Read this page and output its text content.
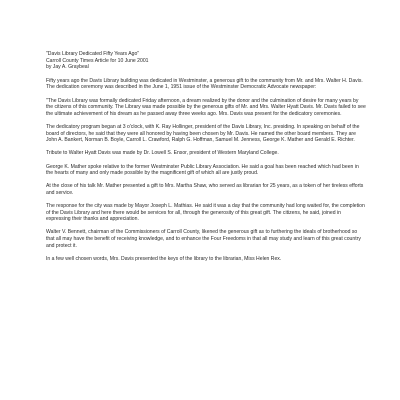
"Davis Library Dedicated Fifty Years Ago"

Carroll County Times Article for 10 June 2001

by Jay A. Graybeal

Fifty years ago the Davis Library building was dedicated in Westminster, a generous gift to the community from Mr. and Mrs. Walter H. Davis. The dedication ceremony was described in the June 1, 1951 issue of the Westminster Democratic Advocate newspaper:

"The Davis Library was formally dedicated Friday afternoon, a dream realized by the donor and the culmination of desire for many years by the citizens of this community. The Library was made possible by the generous gifts of Mr. and Mrs. Walter Hyatt Davis. Mr. Davis failed to see the ultimate achievement of his dream as he passed away three weeks ago. Mrs. Davis was present for the dedicatory ceremonies.

The dedicatory program began at 3 o'clock, with K. Ray Hollinger, president of the Davis Library, Inc. presiding. In speaking on behalf of the board of directors, he said that they were all honored by having been chosen by Mr. Davis. He named the other board members. They are John A. Bankert, Norman B. Boyle, Carroll L. Crawford, Ralph G. Hoffman, Samuel M. Jenness, George K. Mather and Gerald E. Richter.

Tribute to Walter Hyatt Davis was made by Dr. Lowell S. Ensor, president of Western Maryland College.

George K. Mather spoke relative to the former Westminster Public Library Association. He said a goal has been reached which had been in the hearts of many and only made possible by the magnificent gift of which all are justly proud.

At the close of his talk Mr. Mather presented a gift to Mrs. Martha Shaw, who served as librarian for 25 years, as a token of her tireless efforts and service.

The response for the city was made by Mayor Joseph L. Mathias. He said it was a day that the community had long waited for, the completion of the Davis Library and here there would be services for all, through the generosity of this great gift. The citizens, he said, joined in expressing their thanks and appreciation.

Walter V. Bennett, chairman of the Commissioners of Carroll County, likened the generous gift as to furthering the ideals of brotherhood so that all may have the benefit of receiving knowledge, and to enhance the Four Freedoms in that all may study and learn of this great country and protect it.

In a few well chosen words, Mrs. Davis presented the keys of the library to the librarian, Miss Helen Rex.
